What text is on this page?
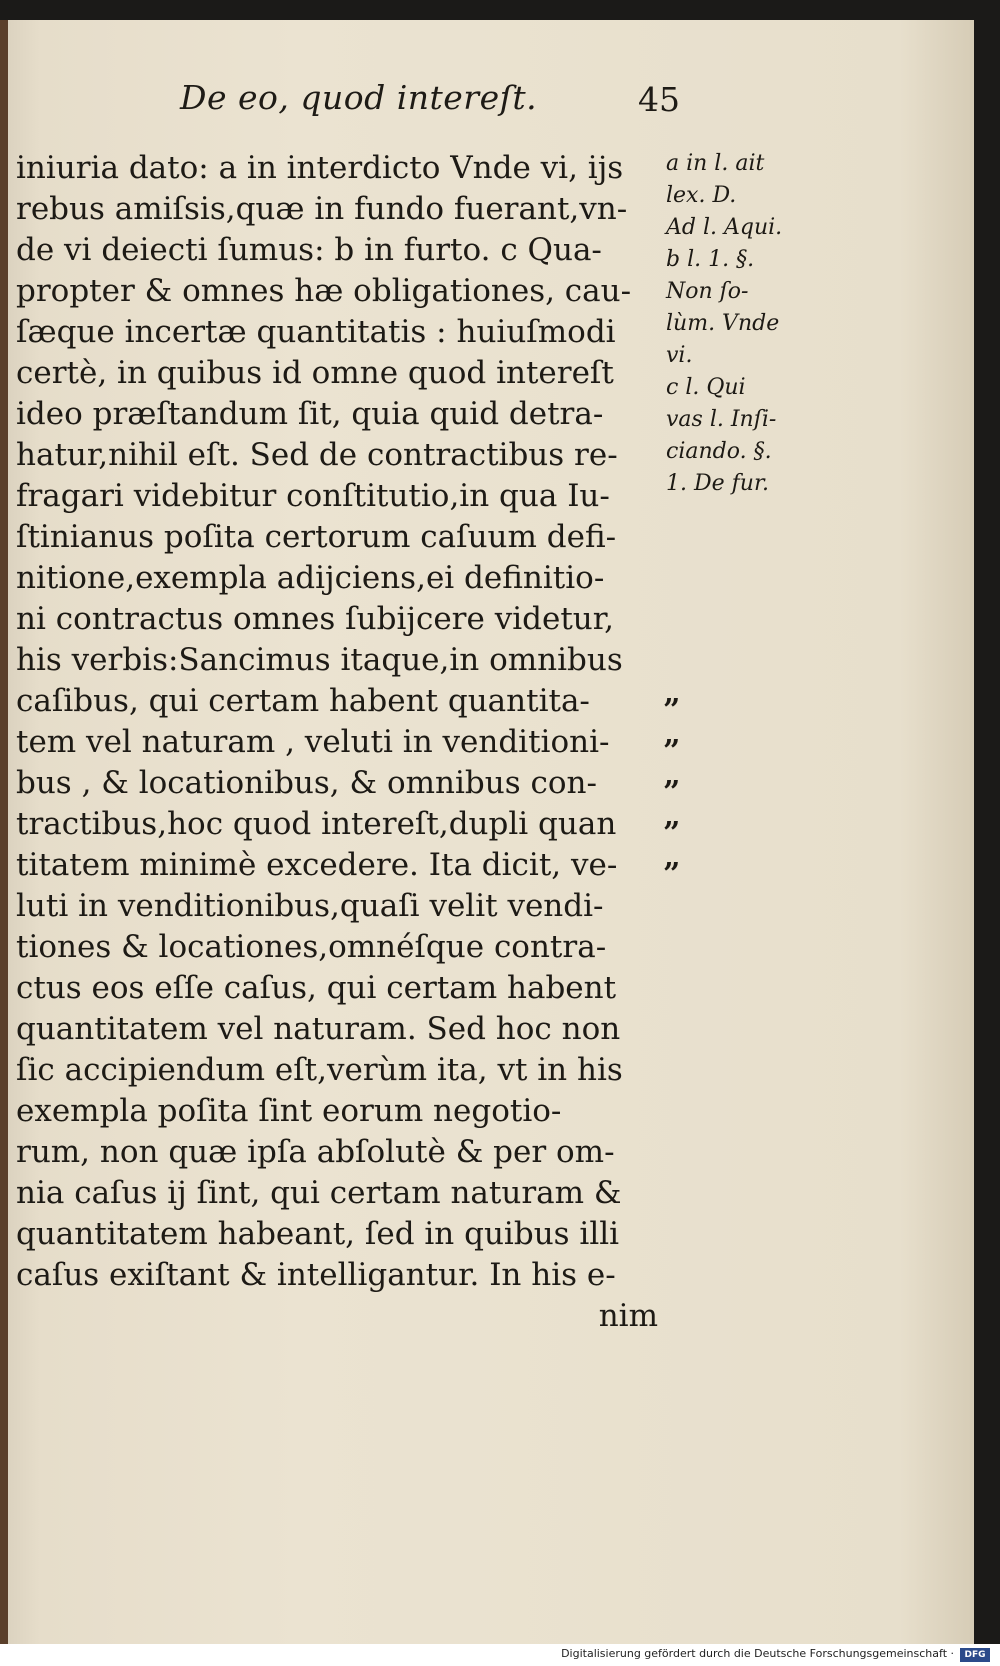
De eo, quod intereſt.	45
iniuria dato: a in interdicto Vnde vi, ijs
rebus amiſsis,quæ in fundo fuerant,vn-
de vi deiecti ſumus: b in furto. c Qua-
propter & omnes hæ obligationes, cau-
ſæque incertæ quantitatis : huiuſmodi
certè, in quibus id omne quod intereſt
ideo præſtandum ſit, quia quid detra-
hatur,nihil eſt. Sed de contractibus re-
fragari videbitur conſtitutio,in qua Iu-
ſtinianus poſita certorum caſuum defi-
nitione,exempla adijciens,ei definitio-
ni contractus omnes ſubijcere videtur,
his verbis:Sancimus itaque,in omnibus
caſibus, qui certam habent quantita-
tem vel naturam , veluti in venditioni-
bus , & locationibus, & omnibus con-
tractibus,hoc quod intereſt,dupli quan
titatem minimè excedere. Ita dicit, ve-
luti in venditionibus,quaſi velit vendi-
tiones & locationes,omnéſque contra-
ctus eos eſſe caſus, qui certam habent
quantitatem vel naturam. Sed hoc non
ſic accipiendum eſt,verùm ita, vt in his
exempla poſita ſint eorum negotio-
rum, non quæ ipſa abſolutè & per om-
nia caſus ij ſint, qui certam naturam &
quantitatem habeant, ſed in quibus illi
caſus exiſtant & intelligantur. In his e-
nim
a in l. ait
lex. D.
Ad l. Aqui.
b l. 1. §.
Non ſo-
lùm. Vnde
vi.
c l. Qui
vas l. Inſi-
ciando. §.
1. De fur.
”
”
”
”
”
Digitalisierung gefördert durch die Deutsche Forschungsgemeinschaft ·	DFG
